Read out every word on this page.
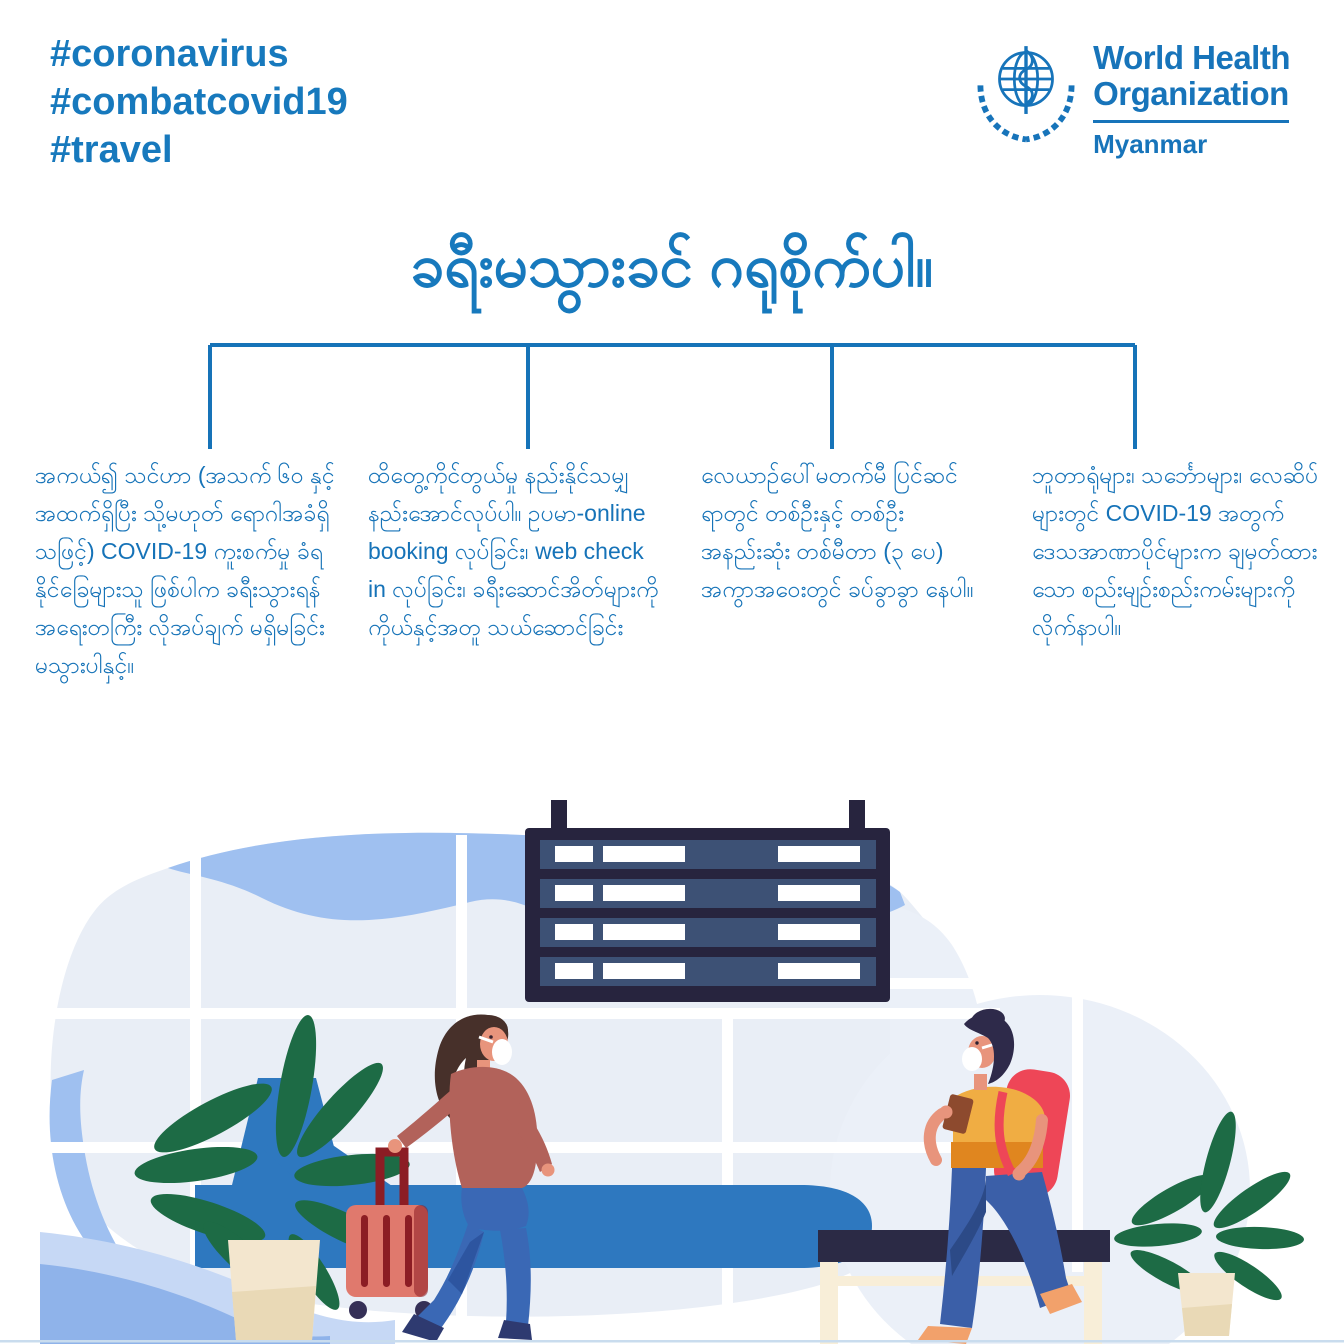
#coronavirus
#combatcovid19
#travel
World Health
Organization
Myanmar
ခရီးမသွားခင် ဂရုစိုက်ပါ။
အကယ်၍ သင်ဟာ (အသက် ၆၀ နှင့်အထက်ရှိပြီး သို့မဟုတ် ရောဂါအခံရှိသဖြင့်) COVID-19 ကူးစက်မှု ခံရနိုင်ခြေများသူ ဖြစ်ပါက ခရီးသွားရန် အရေးတကြီး လိုအပ်ချက် မရှိမခြင်း မသွားပါနှင့်။
ထိတွေ့ကိုင်တွယ်မှု နည်းနိုင်သမျှ နည်းအောင်လုပ်ပါ။ ဥပမာ-online booking လုပ်ခြင်း၊ web check in လုပ်ခြင်း၊ ခရီးဆောင်အိတ်များကို ကိုယ်နှင့်အတူ သယ်ဆောင်ခြင်း
လေယာဉ်ပေါ်မတက်မီ ပြင်ဆင်ရာတွင် တစ်ဦးနှင့် တစ်ဦး အနည်းဆုံး တစ်မီတာ (၃ ပေ) အကွာအဝေးတွင် ခပ်ခွာခွာ နေပါ။
ဘူတာရုံများ၊ သင်္ဘောများ၊ လေဆိပ်များတွင် COVID-19 အတွက် ဒေသအာဏာပိုင်များက ချမှတ်ထားသော စည်းမျဉ်းစည်းကမ်းများကို လိုက်နာပါ။
